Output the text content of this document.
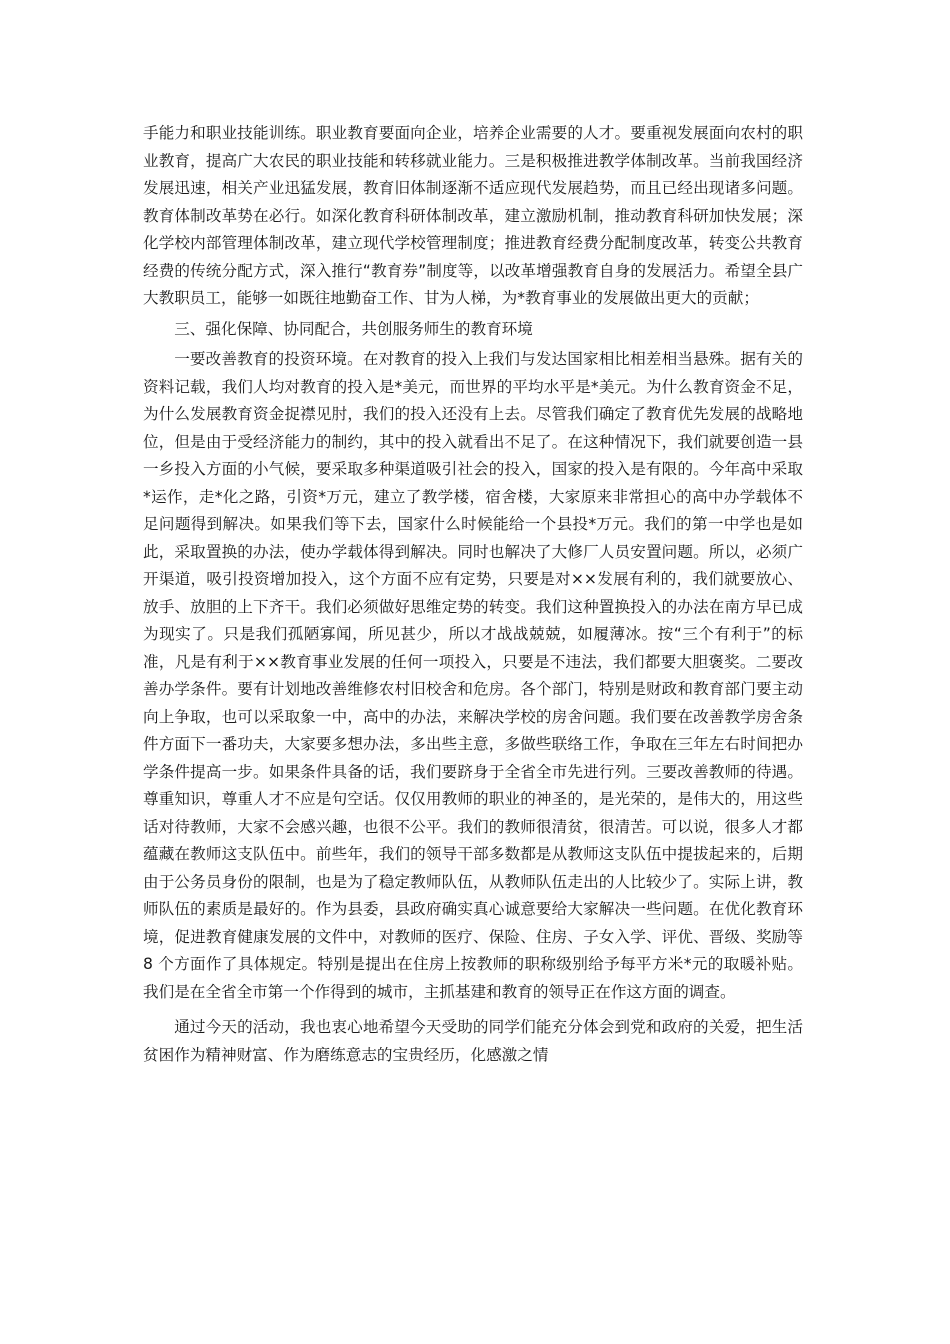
手能力和职业技能训练。职业教育要面向企业，培养企业需要的人才。要重视发展面向农村的职业教育，提高广大农民的职业技能和转移就业能力。三是积极推进教学体制改革。当前我国经济发展迅速，相关产业迅猛发展，教育旧体制逐渐不适应现代发展趋势，而且已经出现诸多问题。教育体制改革势在必行。如深化教育科研体制改革，建立激励机制，推动教育科研加快发展；深化学校内部管理体制改革，建立现代学校管理制度；推进教育经费分配制度改革，转变公共教育经费的传统分配方式，深入推行“教育券”制度等，以改革增强教育自身的发展活力。希望全县广大教职员工，能够一如既往地勤奋工作、甘为人梯，为*教育事业的发展做出更大的贡献；

三、强化保障、协同配合，共创服务师生的教育环境

一要改善教育的投资环境。在对教育的投入上我们与发达国家相比相差相当悬殊。据有关的资料记载，我们人均对教育的投入是*美元，而世界的平均水平是*美元。为什么教育资金不足，为什么发展教育资金捉襟见肘，我们的投入还没有上去。尽管我们确定了教育优先发展的战略地位，但是由于受经济能力的制约，其中的投入就看出不足了。在这种情况下，我们就要创造一县一乡投入方面的小气候，要采取多种渠道吸引社会的投入，国家的投入是有限的。今年高中采取*运作，走*化之路，引资*万元，建立了教学楼，宿舍楼，大家原来非常担心的高中办学载体不足问题得到解决。如果我们等下去，国家什么时候能给一个县投*万元。我们的第一中学也是如此，采取置换的办法，使办学载体得到解决。同时也解决了大修厂人员安置问题。所以，必须广开渠道，吸引投资增加投入，这个方面不应有定势，只要是对××发展有利的，我们就要放心、放手、放胆的上下齐干。我们必须做好思维定势的转变。我们这种置换投入的办法在南方早已成为现实了。只是我们孤陋寡闻，所见甚少，所以才战战兢兢，如履薄冰。按“三个有利于”的标准，凡是有利于××教育事业发展的任何一项投入，只要是不违法，我们都要大胆褒奖。二要改善办学条件。要有计划地改善维修农村旧校舍和危房。各个部门，特别是财政和教育部门要主动向上争取，也可以采取象一中，高中的办法，来解决学校的房舍问题。我们要在改善教学房舍条件方面下一番功夫，大家要多想办法，多出些主意，多做些联络工作，争取在三年左右时间把办学条件提高一步。如果条件具备的话，我们要跻身于全省全市先进行列。三要改善教师的待遇。尊重知识，尊重人才不应是句空话。仅仅用教师的职业的神圣的，是光荣的，是伟大的，用这些话对待教师，大家不会感兴趣，也很不公平。我们的教师很清贫，很清苦。可以说，很多人才都蕴藏在教师这支队伍中。前些年，我们的领导干部多数都是从教师这支队伍中提拔起来的，后期由于公务员身份的限制，也是为了稳定教师队伍，从教师队伍走出的人比较少了。实际上讲，教师队伍的素质是最好的。作为县委，县政府确实真心诚意要给大家解决一些问题。在优化教育环境，促进教育健康发展的文件中，对教师的医疗、保险、住房、子女入学、评优、晋级、奖励等 8 个方面作了具体规定。特别是提出在住房上按教师的职称级别给予每平方米*元的取暖补贴。我们是在全省全市第一个作得到的城市，主抓基建和教育的领导正在作这方面的调查。

通过今天的活动，我也衷心地希望今天受助的同学们能充分体会到党和政府的关爱，把生活贫困作为精神财富、作为磨练意志的宝贵经历，化感激之情
